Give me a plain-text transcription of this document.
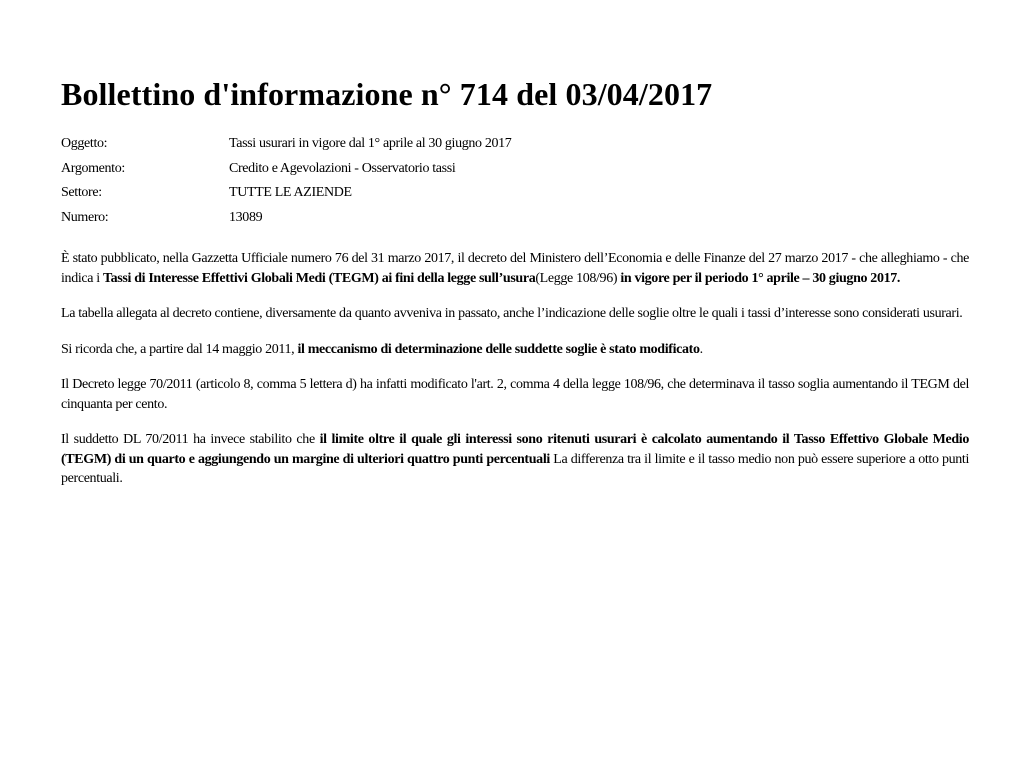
Bollettino d'informazione n° 714 del 03/04/2017
Oggetto:	Tassi usurari in vigore dal 1° aprile al 30 giugno 2017
Argomento:	Credito e Agevolazioni - Osservatorio tassi
Settore:	TUTTE LE AZIENDE
Numero:	13089

È stato pubblicato, nella Gazzetta Ufficiale numero 76 del 31 marzo 2017, il decreto del Ministero dell’Economia e delle Finanze del 27 marzo 2017 - che alleghiamo - che indica i Tassi di Interesse Effettivi Globali Medi (TEGM) ai fini della legge sull’usura(Legge 108/96) in vigore per il periodo 1° aprile – 30 giugno 2017.

La tabella allegata al decreto contiene, diversamente da quanto avveniva in passato, anche l’indicazione delle soglie oltre le quali i tassi d’interesse sono considerati usurari.

Si ricorda che, a partire dal 14 maggio 2011, il meccanismo di determinazione delle suddette soglie è stato modificato.

Il Decreto legge 70/2011 (articolo 8, comma 5 lettera d) ha infatti modificato l'art. 2, comma 4 della legge 108/96, che determinava il tasso soglia aumentando il TEGM del cinquanta per cento.

Il suddetto DL 70/2011 ha invece stabilito che il limite oltre il quale gli interessi sono ritenuti usurari è calcolato aumentando il Tasso Effettivo Globale Medio (TEGM) di un quarto e aggiungendo un margine di ulteriori quattro punti percentuali La differenza tra il limite e il tasso medio non può essere superiore a otto punti percentuali.
